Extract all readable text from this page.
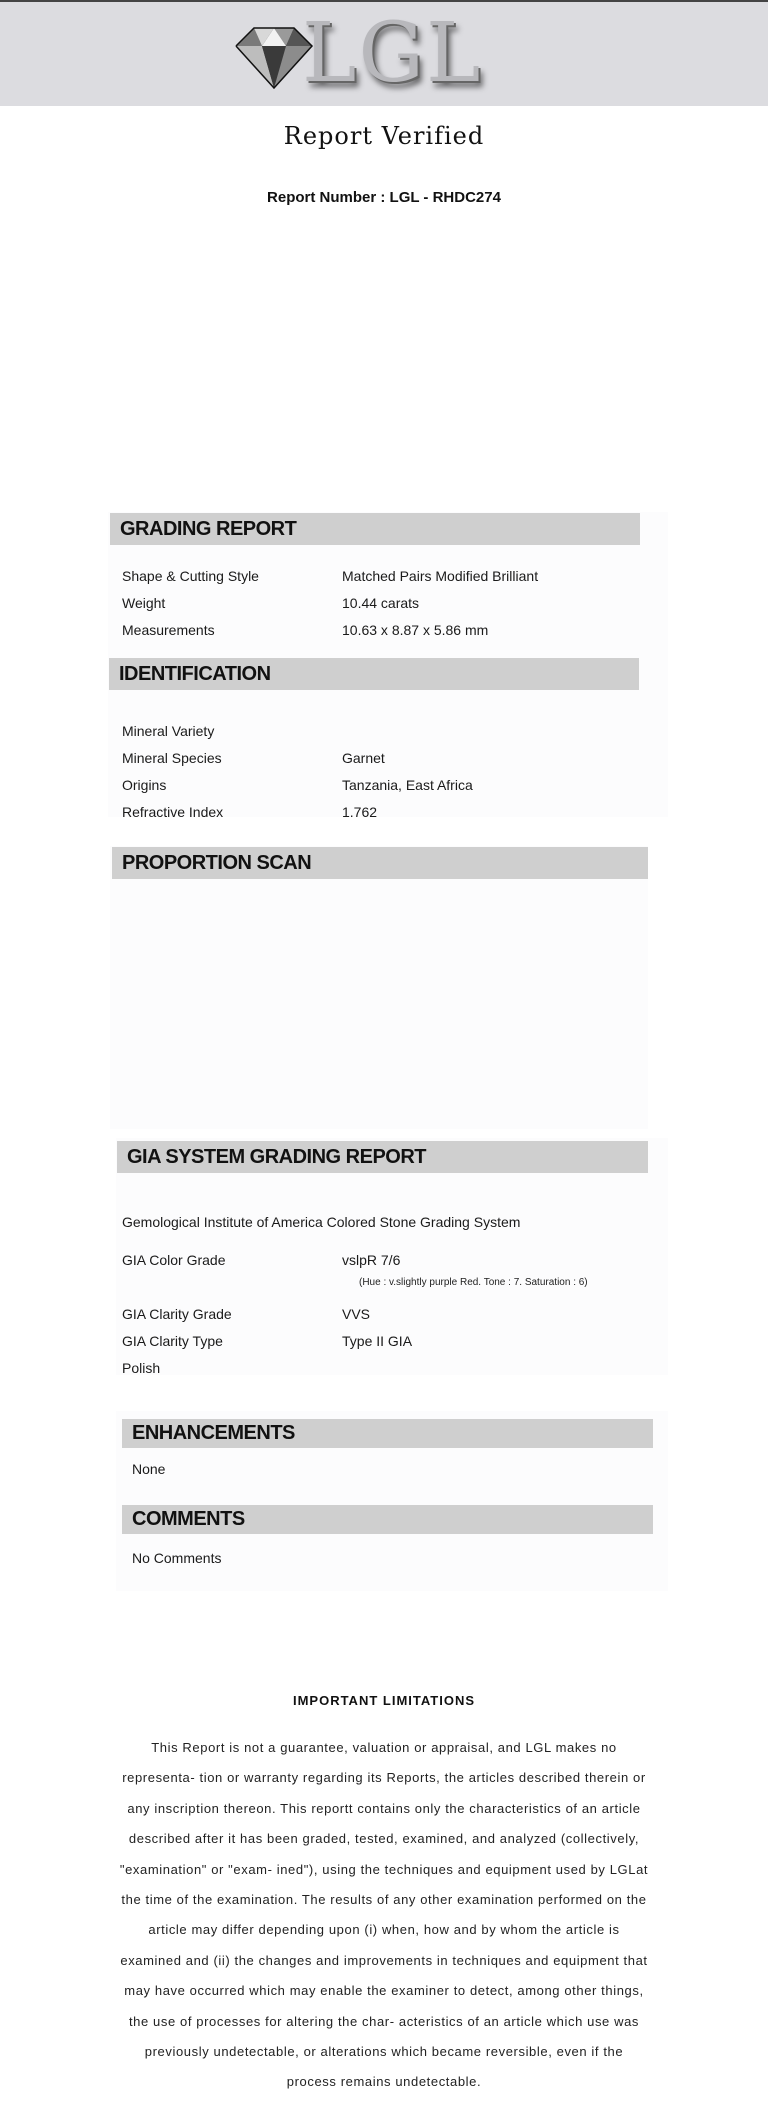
LGL
Report Verified
Report Number : LGL - RHDC274
GRADING REPORT
Shape & Cutting Style	Matched Pairs Modified Brilliant
Weight	10.44 carats
Measurements	10.63 x 8.87 x 5.86 mm
IDENTIFICATION
Mineral Variety
Mineral Species	Garnet
Origins	Tanzania, East Africa
Refractive Index	1.762
PROPORTION SCAN
GIA SYSTEM GRADING REPORT
Gemological Institute of America Colored Stone Grading System
GIA Color Grade	vslpR 7/6
(Hue : v.slightly purple Red. Tone : 7. Saturation : 6)
GIA Clarity Grade	VVS
GIA Clarity Type	Type II GIA
Polish
ENHANCEMENTS
None
COMMENTS
No Comments
IMPORTANT LIMITATIONS
This Report is not a guarantee, valuation or appraisal, and LGL makes no representa- tion or warranty regarding its Reports, the articles described therein or any inscription thereon. This reportt contains only the characteristics of an article described after it has been graded, tested, examined, and analyzed (collectively, "examination" or "exam- ined"), using the techniques and equipment used by LGLat the time of the examination. The results of any other examination performed on the article may differ depending upon (i) when, how and by whom the article is examined and (ii) the changes and improvements in techniques and equipment that may have occurred which may enable the examiner to detect, among other things, the use of processes for altering the char- acteristics of an article which use was previously undetectable, or alterations which became reversible, even if the process remains undetectable.
